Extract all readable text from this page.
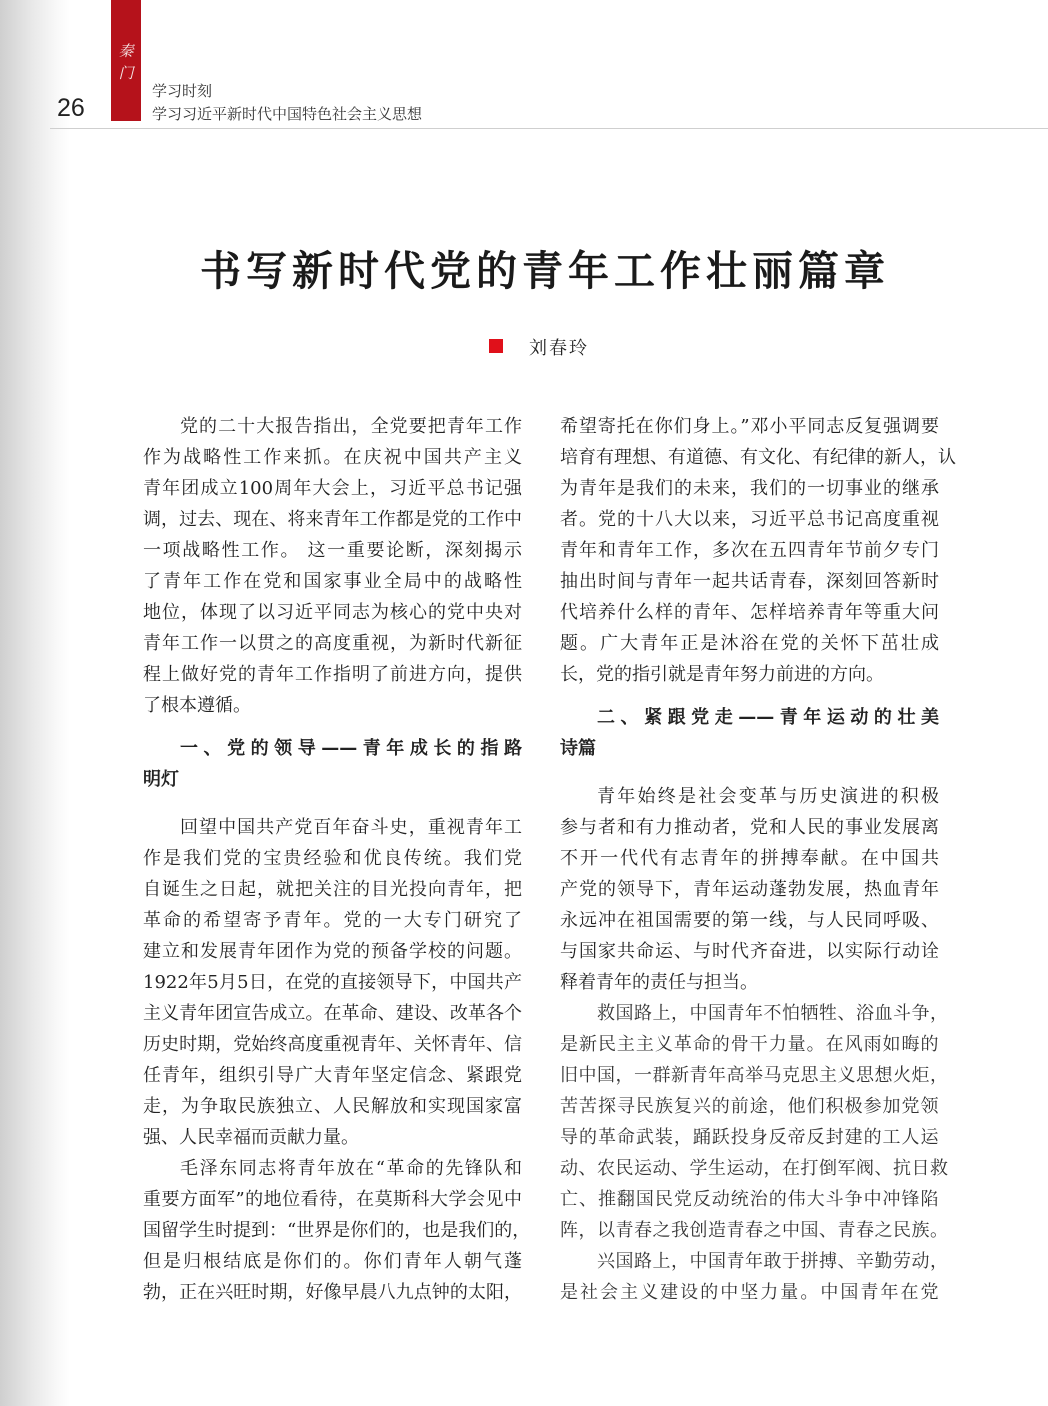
秦
门
26
学习时刻
学习习近平新时代中国特色社会主义思想
书写新时代党的青年工作壮丽篇章
刘春玲
党的二十大报告指出，全党要把青年工作
作为战略性工作来抓。在庆祝中国共产主义
青年团成立100周年大会上，习近平总书记强
调，过去、现在、将来青年工作都是党的工作中
一项战略性工作。 这一重要论断，深刻揭示
了青年工作在党和国家事业全局中的战略性
地位，体现了以习近平同志为核心的党中央对
青年工作一以贯之的高度重视，为新时代新征
程上做好党的青年工作指明了前进方向，提供
了根本遵循。
一、党的领导——青年成长的指路
明灯
回望中国共产党百年奋斗史，重视青年工
作是我们党的宝贵经验和优良传统。我们党
自诞生之日起，就把关注的目光投向青年，把
革命的希望寄予青年。党的一大专门研究了
建立和发展青年团作为党的预备学校的问题。
1922年5月5日，在党的直接领导下，中国共产
主义青年团宣告成立。在革命、建设、改革各个
历史时期，党始终高度重视青年、关怀青年、信
任青年，组织引导广大青年坚定信念、紧跟党
走，为争取民族独立、人民解放和实现国家富
强、人民幸福而贡献力量。
毛泽东同志将青年放在“革命的先锋队和
重要方面军”的地位看待，在莫斯科大学会见中
国留学生时提到：“世界是你们的，也是我们的，
但是归根结底是你们的。你们青年人朝气蓬
勃，正在兴旺时期，好像早晨八九点钟的太阳，
希望寄托在你们身上。”邓小平同志反复强调要
培育有理想、有道德、有文化、有纪律的新人，认
为青年是我们的未来，我们的一切事业的继承
者。党的十八大以来，习近平总书记高度重视
青年和青年工作，多次在五四青年节前夕专门
抽出时间与青年一起共话青春，深刻回答新时
代培养什么样的青年、怎样培养青年等重大问
题。广大青年正是沐浴在党的关怀下茁壮成
长，党的指引就是青年努力前进的方向。
二、紧跟党走——青年运动的壮美
诗篇
青年始终是社会变革与历史演进的积极
参与者和有力推动者，党和人民的事业发展离
不开一代代有志青年的拼搏奉献。在中国共
产党的领导下，青年运动蓬勃发展，热血青年
永远冲在祖国需要的第一线，与人民同呼吸、
与国家共命运、与时代齐奋进，以实际行动诠
释着青年的责任与担当。
救国路上，中国青年不怕牺牲、浴血斗争，
是新民主主义革命的骨干力量。在风雨如晦的
旧中国，一群新青年高举马克思主义思想火炬，
苦苦探寻民族复兴的前途，他们积极参加党领
导的革命武装，踊跃投身反帝反封建的工人运
动、农民运动、学生运动，在打倒军阀、抗日救
亡、推翻国民党反动统治的伟大斗争中冲锋陷
阵，以青春之我创造青春之中国、青春之民族。
兴国路上，中国青年敢于拼搏、辛勤劳动，
是社会主义建设的中坚力量。中国青年在党
